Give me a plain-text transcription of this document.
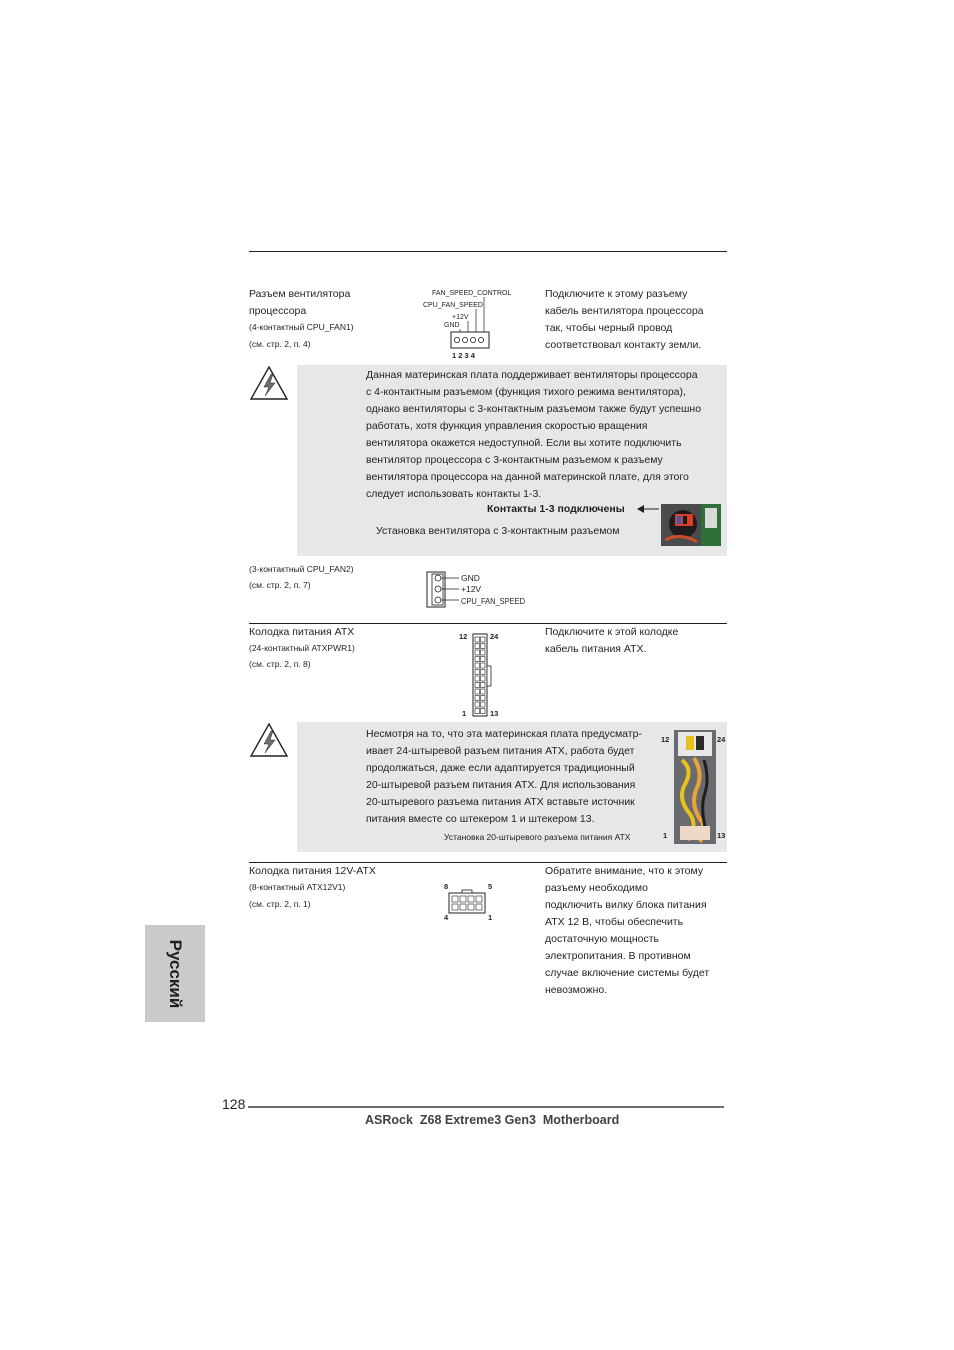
Разъем вентилятора
процессора
(4-контактный CPU_FAN1)
(см. стр. 2, п. 4)
FAN_SPEED_CONTROL
CPU_FAN_SPEED
+12V
GND
1 2 3 4
Подключите к этому разъему
кабель вентилятора процессора
так, чтобы черный провод
соответствовал контакту земли.
Данная материнская плата поддерживает вентиляторы процессора
с 4-контактным разъемом (функция тихого режима вентилятора),
однако вентиляторы с 3-контактным разъемом также будут успешно
работать, хотя функция управления скоростью вращения
вентилятора окажется недоступной. Если вы хотите подключить
вентилятор процессора с 3-контактным разъемом к разъему
вентилятора процессора на данной материнской плате, для этого
следует использовать контакты 1-3.
Контакты 1-3 подключены
Установка вентилятора с 3-контактным разъемом
(3-контактный CPU_FAN2)
(см. стр. 2, п. 7)
GND
+12V
CPU_FAN_SPEED
Колодка питания ATX
(24-контактный ATXPWR1)
(см. стр. 2, п. 8)
12	24
1	13
Подключите к этой колодке
кабель питания ATX.
Несмотря на то, что эта материнская плата предусматр-
ивает 24-штыревой разъем питания ATX, работа будет
продолжаться, даже если адаптируется традиционный
20-штыревой разъем питания ATX. Для использования
20-штыревого разъема питания ATX вставьте источник
питания вместе со штекером 1 и штекером 13.
Установка 20-штыревого разъема питания ATX
12	24
1	13
Колодка питания 12V-ATX
(8-контактный ATX12V1)
(см. стр. 2, п. 1)
8	5
4	1
Обратите внимание, что к этому
разъему необходимо
подключить вилку блока питания
ATX 12 В, чтобы обеспечить
достаточную мощность
электропитания. В противном
случае включение системы будет
невозможно.
Русский
128
ASRock  Z68 Extreme3 Gen3  Motherboard
